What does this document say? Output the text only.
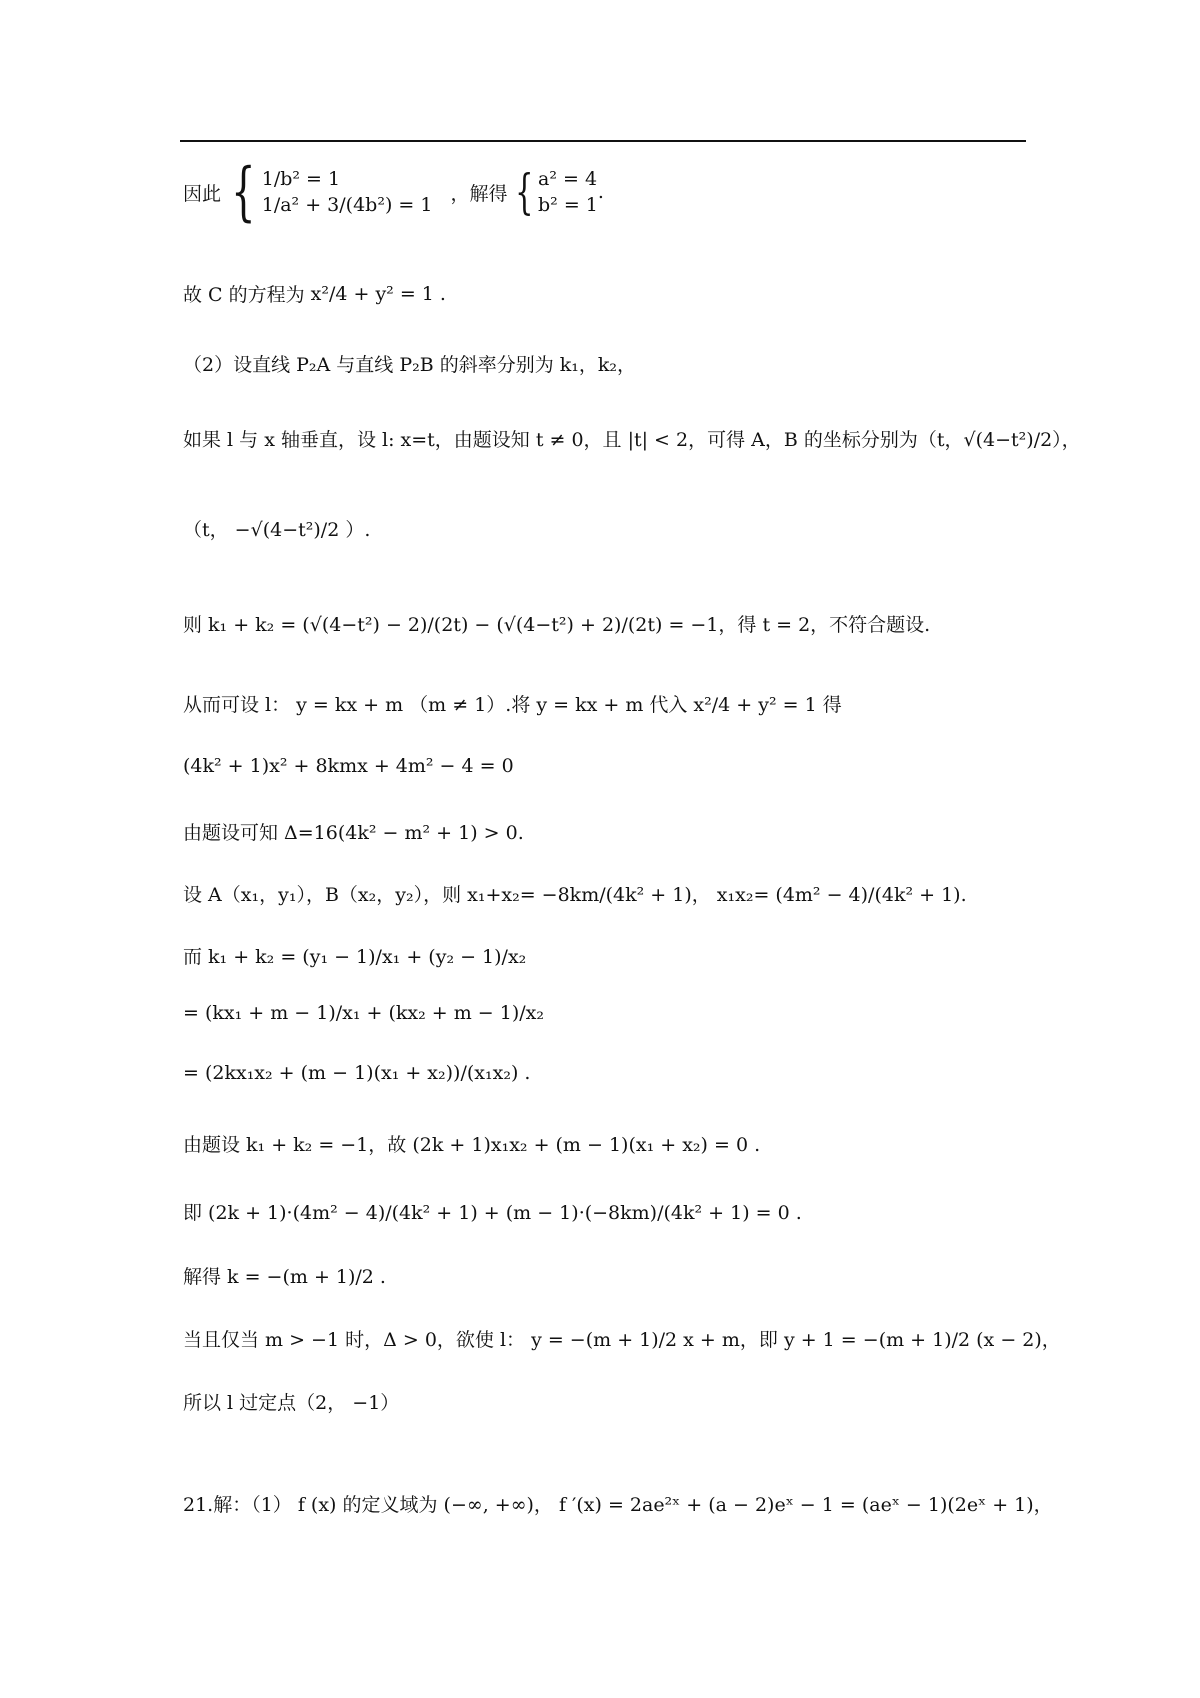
因此 { 1/b² = 1
1/a² + 3/(4b²) = 1
，解得 { a² = 4
b² = 1
.
故 C 的方程为 x²/4 + y² = 1 .
（2）设直线 P₂A 与直线 P₂B 的斜率分别为 k₁，k₂，
如果 l 与 x 轴垂直，设 l: x=t，由题设知 t ≠ 0，且 |t| < 2，可得 A，B 的坐标分别为（t，√(4−t²)/2），
（t， −√(4−t²)/2 ）.
则 k₁ + k₂ = (√(4−t²) − 2)/(2t) − (√(4−t²) + 2)/(2t) = −1，得 t = 2，不符合题设.
从而可设 l： y = kx + m （m ≠ 1）.将 y = kx + m 代入 x²/4 + y² = 1 得
(4k² + 1)x² + 8kmx + 4m² − 4 = 0
由题设可知 Δ=16(4k² − m² + 1) > 0.
设 A（x₁，y₁），B（x₂，y₂），则 x₁+x₂= −8km/(4k² + 1)， x₁x₂= (4m² − 4)/(4k² + 1).
而 k₁ + k₂ = (y₁ − 1)/x₁ + (y₂ − 1)/x₂
= (kx₁ + m − 1)/x₁ + (kx₂ + m − 1)/x₂
= (2kx₁x₂ + (m − 1)(x₁ + x₂))/(x₁x₂) .
由题设 k₁ + k₂ = −1，故 (2k + 1)x₁x₂ + (m − 1)(x₁ + x₂) = 0 .
即 (2k + 1)·(4m² − 4)/(4k² + 1) + (m − 1)·(−8km)/(4k² + 1) = 0 .
解得 k = −(m + 1)/2 .
当且仅当 m > −1 时，Δ > 0，欲使 l： y = −(m + 1)/2 x + m，即 y + 1 = −(m + 1)/2 (x − 2)，
所以 l 过定点（2， −1）
21.解：（1） f (x) 的定义域为 (−∞, +∞)， f ′(x) = 2ae²ˣ + (a − 2)eˣ − 1 = (aeˣ − 1)(2eˣ + 1)，
